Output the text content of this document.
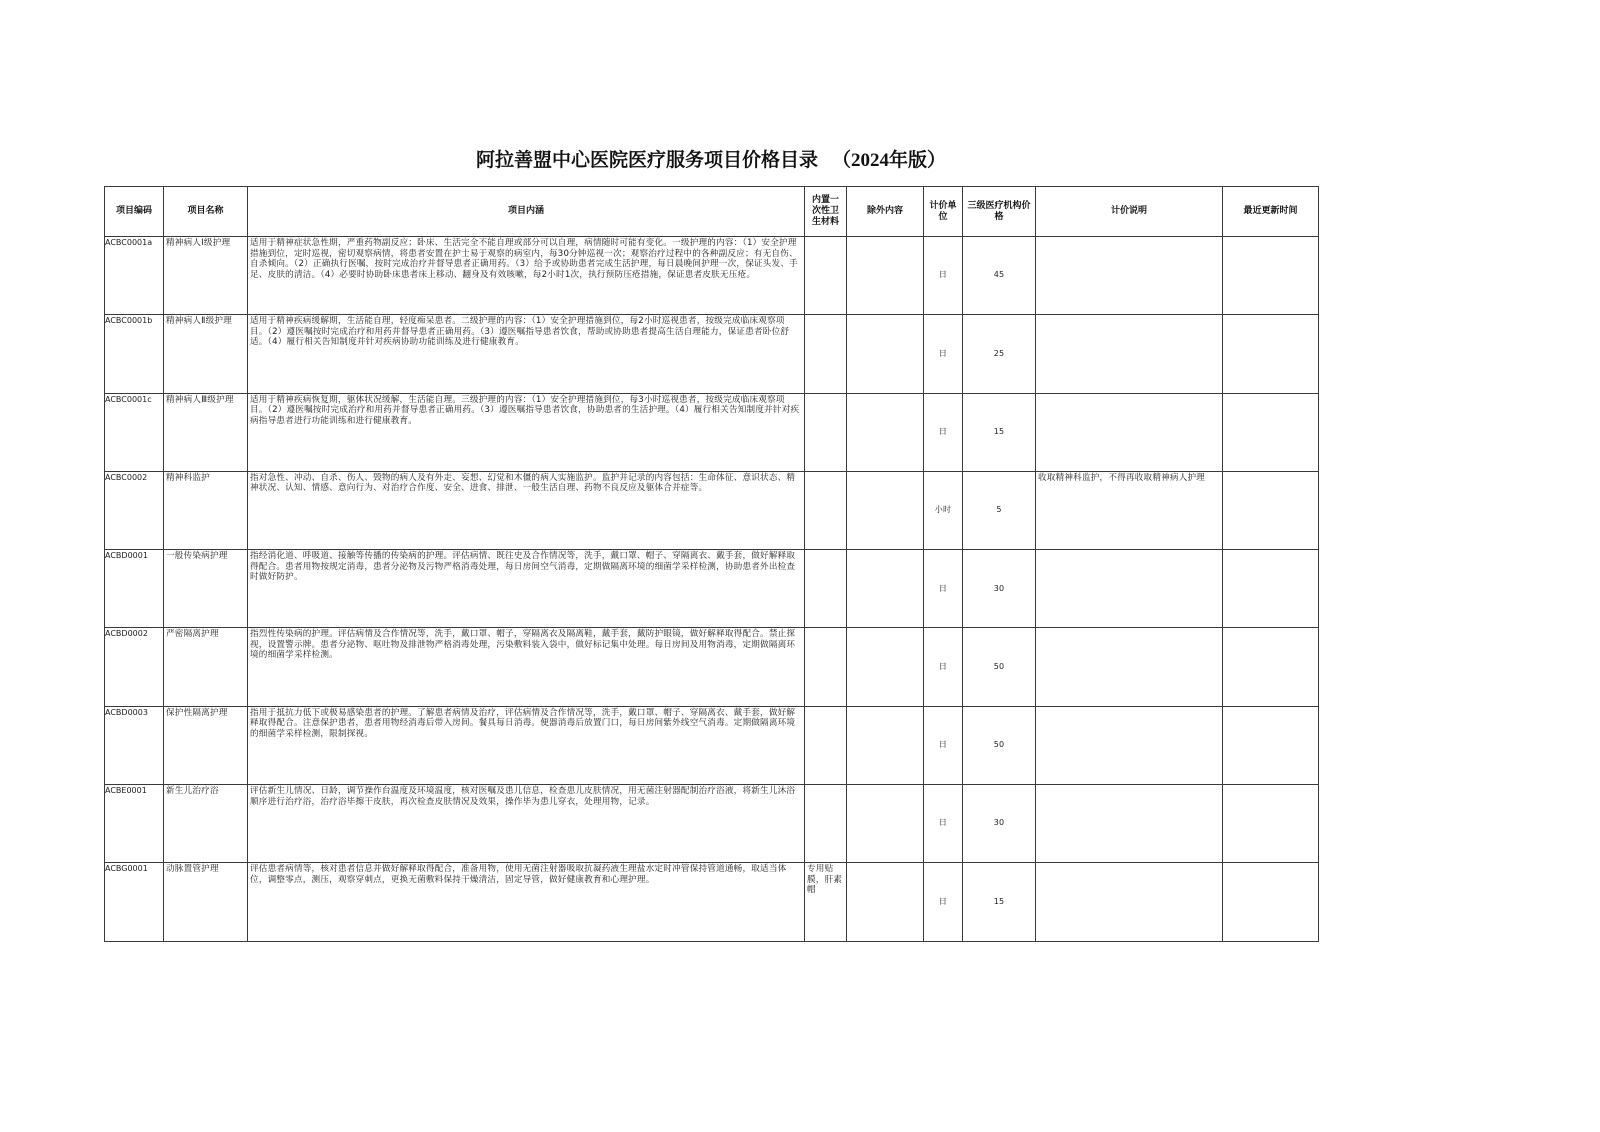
阿拉善盟中心医院医疗服务项目价格目录 （2024年版）
项目编码	项目名称	项目内涵	内置一次性卫生材料	除外内容	计价单位	三级医疗机构价格	计价说明	最近更新时间
ACBC0001a	精神病人Ⅰ级护理	适用于精神症状急性期，严重药物副反应；卧床、生活完全不能自理或部分可以自理，病情随时可能有变化。一级护理的内容：（1）安全护理措施到位，定时巡视，密切观察病情，将患者安置在护士易于观察的病室内，每30分钟巡视一次；观察治疗过程中的各种副反应；有无自伤、自杀倾向。（2）正确执行医嘱，按时完成治疗并督导患者正确用药。（3）给予或协助患者完成生活护理，每日晨晚间护理一次，保证头发、手足、皮肤的清洁。（4）必要时协助卧床患者床上移动、翻身及有效咳嗽，每2小时1次，执行预防压疮措施，保证患者皮肤无压疮。			日	45		
ACBC0001b	精神病人Ⅱ级护理	适用于精神疾病缓解期，生活能自理，轻度痴呆患者。二级护理的内容：（1）安全护理措施到位，每2小时巡视患者，按级完成临床观察项目。（2）遵医嘱按时完成治疗和用药并督导患者正确用药。（3）遵医嘱指导患者饮食，帮助或协助患者提高生活自理能力，保证患者卧位舒适。（4）履行相关告知制度并针对疾病协助功能训练及进行健康教育。			日	25		
ACBC0001c	精神病人Ⅲ级护理	适用于精神疾病恢复期，躯体状况缓解，生活能自理。三级护理的内容：（1）安全护理措施到位，每3小时巡视患者，按级完成临床观察项目。（2）遵医嘱按时完成治疗和用药并督导患者正确用药。（3）遵医嘱指导患者饮食，协助患者的生活护理。（4）履行相关告知制度并针对疾病指导患者进行功能训练和进行健康教育。			日	15		
ACBC0002	精神科监护	指对急性、冲动、自杀、伤人、毁物的病人及有外走、妄想、幻觉和木僵的病人实施监护。监护并记录的内容包括：生命体征、意识状态、精神状况、认知、情感、意向行为、对治疗合作度、安全、进食、排泄、一般生活自理、药物不良反应及躯体合并症等。			小时	5	收取精神科监护，不得再收取精神病人护理	
ACBD0001	一般传染病护理	指经消化道、呼吸道、接触等传播的传染病的护理。评估病情、既往史及合作情况等，洗手，戴口罩、帽子、穿隔离衣、戴手套，做好解释取得配合。患者用物按规定消毒，患者分泌物及污物严格消毒处理，每日房间空气消毒，定期做隔离环境的细菌学采样检测，协助患者外出检查时做好防护。			日	30		
ACBD0002	严密隔离护理	指烈性传染病的护理。评估病情及合作情况等，洗手，戴口罩、帽子，穿隔离衣及隔离鞋，戴手套，戴防护眼镜，做好解释取得配合。禁止探视，设置警示牌。患者分泌物、呕吐物及排泄物严格消毒处理，污染敷料装入袋中，做好标记集中处理。每日房间及用物消毒，定期做隔离环境的细菌学采样检测。			日	50		
ACBD0003	保护性隔离护理	指用于抵抗力低下或极易感染患者的护理。了解患者病情及治疗，评估病情及合作情况等，洗手，戴口罩、帽子、穿隔离衣、戴手套，做好解释取得配合。注意保护患者，患者用物经消毒后带入房间。餐具每日消毒。便器消毒后放置门口，每日房间紫外线空气消毒。定期做隔离环境的细菌学采样检测，限制探视。			日	50		
ACBE0001	新生儿治疗浴	评估新生儿情况、日龄，调节操作台温度及环境温度，核对医嘱及患儿信息，检查患儿皮肤情况，用无菌注射器配制治疗浴液，将新生儿沐浴顺序进行治疗浴，治疗浴毕擦干皮肤，再次检查皮肤情况及效果，操作毕为患儿穿衣，处理用物，记录。			日	30		
ACBG0001	动脉置管护理	评估患者病情等，核对患者信息并做好解释取得配合，准备用物，使用无菌注射器吸取抗凝药液生理盐水定时冲管保持管道通畅，取适当体位，调整零点，测压，观察穿刺点，更换无菌敷料保持干燥清洁，固定导管，做好健康教育和心理护理。	专用贴膜，肝素帽		日	15		
